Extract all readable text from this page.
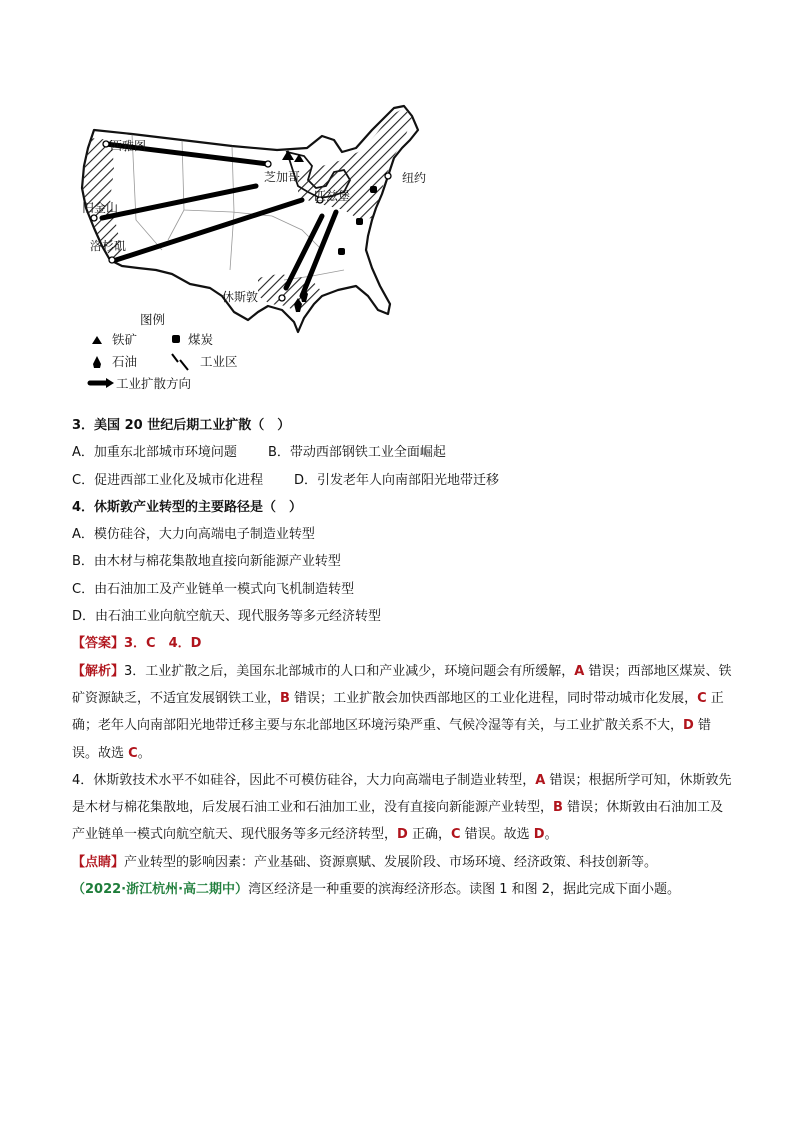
西雅图
芝加哥
匹兹堡
纽约
旧金山
洛杉矶
休斯敦
图例
铁矿	煤炭
石油	工业区
工业扩散方向
3．美国 20 世纪后期工业扩散（　）
A．加重东北部城市环境问题	B．带动西部钢铁工业全面崛起
C．促进西部工业化及城市化进程	D．引发老年人向南部阳光地带迁移
4．休斯敦产业转型的主要路径是（　）
A．模仿硅谷，大力向高端电子制造业转型
B．由木材与棉花集散地直接向新能源产业转型
C．由石油加工及产业链单一模式向飞机制造转型
D．由石油工业向航空航天、现代服务等多元经济转型
【答案】3．C　4．D

【解析】3．工业扩散之后，美国东北部城市的人口和产业减少，环境问题会有所缓解，A 错误；西部地区煤炭、铁矿资源缺乏，不适宜发展钢铁工业，B 错误；工业扩散会加快西部地区的工业化进程，同时带动城市化发展，C 正确；老年人向南部阳光地带迁移主要与东北部地区环境污染严重、气候冷湿等有关，与工业扩散关系不大，D 错误。故选 C。

4．休斯敦技术水平不如硅谷，因此不可模仿硅谷，大力向高端电子制造业转型，A 错误；根据所学可知，休斯敦先是木材与棉花集散地，后发展石油工业和石油加工业，没有直接向新能源产业转型，B 错误；休斯敦由石油加工及产业链单一模式向航空航天、现代服务等多元经济转型，D 正确，C 错误。故选 D。

【点睛】产业转型的影响因素：产业基础、资源禀赋、发展阶段、市场环境、经济政策、科技创新等。
（2022·浙江杭州·高二期中）湾区经济是一种重要的滨海经济形态。读图 1 和图 2，据此完成下面小题。
